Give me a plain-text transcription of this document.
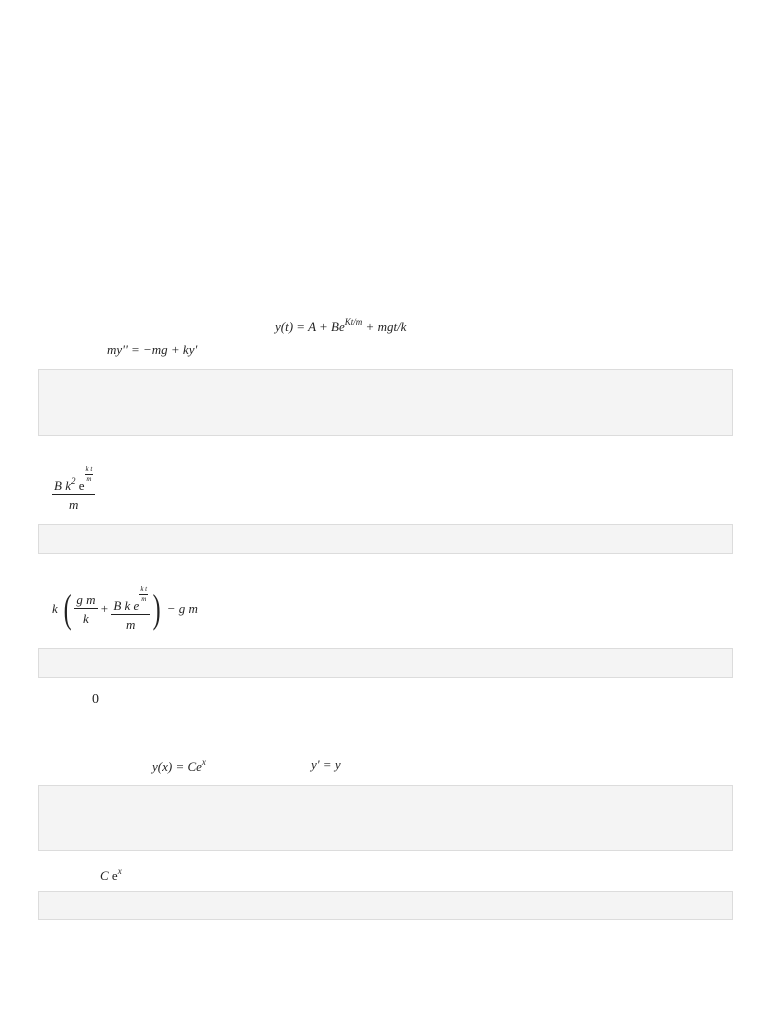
$y(t) = A + Be^{Kt/m} + mgt/k$
my'' = −mg + ky'
B $k^2$ e
$\frac{\text{k t}}{m}$
m
k ( $\frac{\text{g m}}{k} + B$ k e
$\frac{\text{k t}}{m}$
m ) − g m
0
$y(x) = Ce^x$	y' = y
C $e^x$
